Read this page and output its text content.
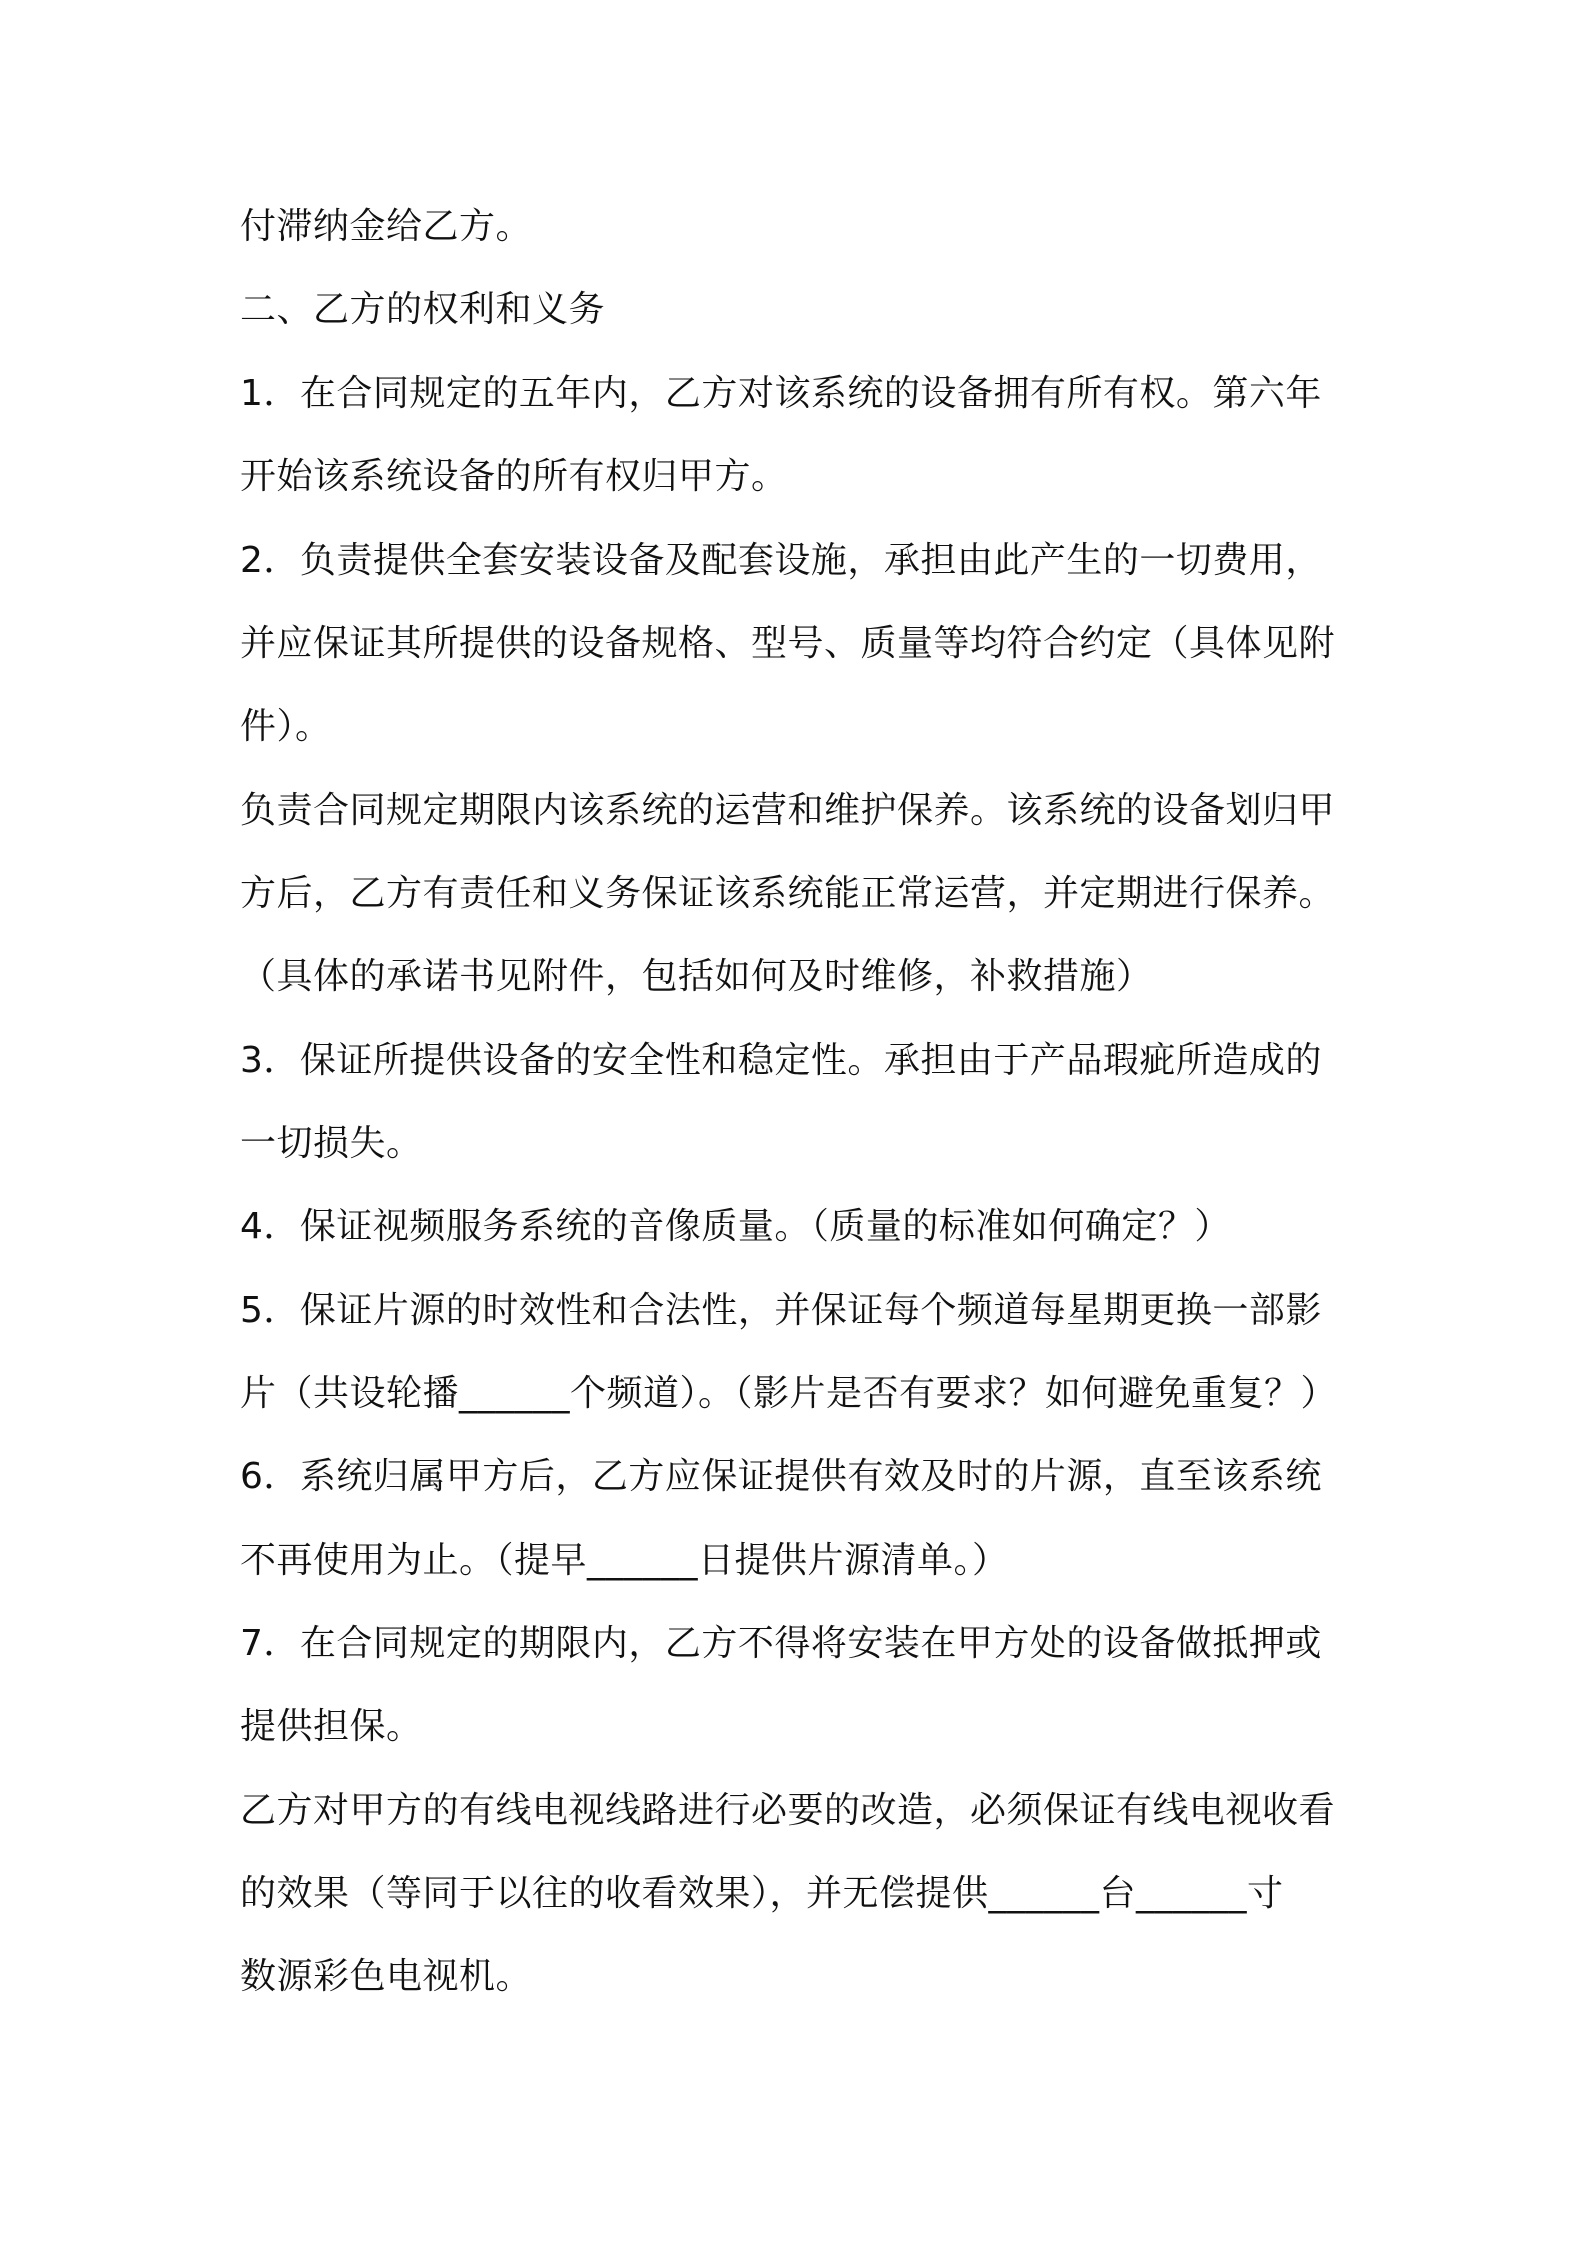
付滞纳金给乙方。
二、乙方的权利和义务
1．在合同规定的五年内，乙方对该系统的设备拥有所有权。第六年
开始该系统设备的所有权归甲方。
2．负责提供全套安装设备及配套设施，承担由此产生的一切费用，
并应保证其所提供的设备规格、型号、质量等均符合约定（具体见附
件）。
负责合同规定期限内该系统的运营和维护保养。该系统的设备划归甲
方后，乙方有责任和义务保证该系统能正常运营，并定期进行保养。
（具体的承诺书见附件，包括如何及时维修，补救措施）
3．保证所提供设备的安全性和稳定性。承担由于产品瑕疵所造成的
一切损失。
4．保证视频服务系统的音像质量。（质量的标准如何确定？）
5．保证片源的时效性和合法性，并保证每个频道每星期更换一部影
片（共设轮播______个频道）。（影片是否有要求？如何避免重复？）
6．系统归属甲方后，乙方应保证提供有效及时的片源，直至该系统
不再使用为止。（提早______日提供片源清单。）
7．在合同规定的期限内，乙方不得将安装在甲方处的设备做抵押或
提供担保。
乙方对甲方的有线电视线路进行必要的改造，必须保证有线电视收看
的效果（等同于以往的收看效果），并无偿提供______台______寸
数源彩色电视机。
